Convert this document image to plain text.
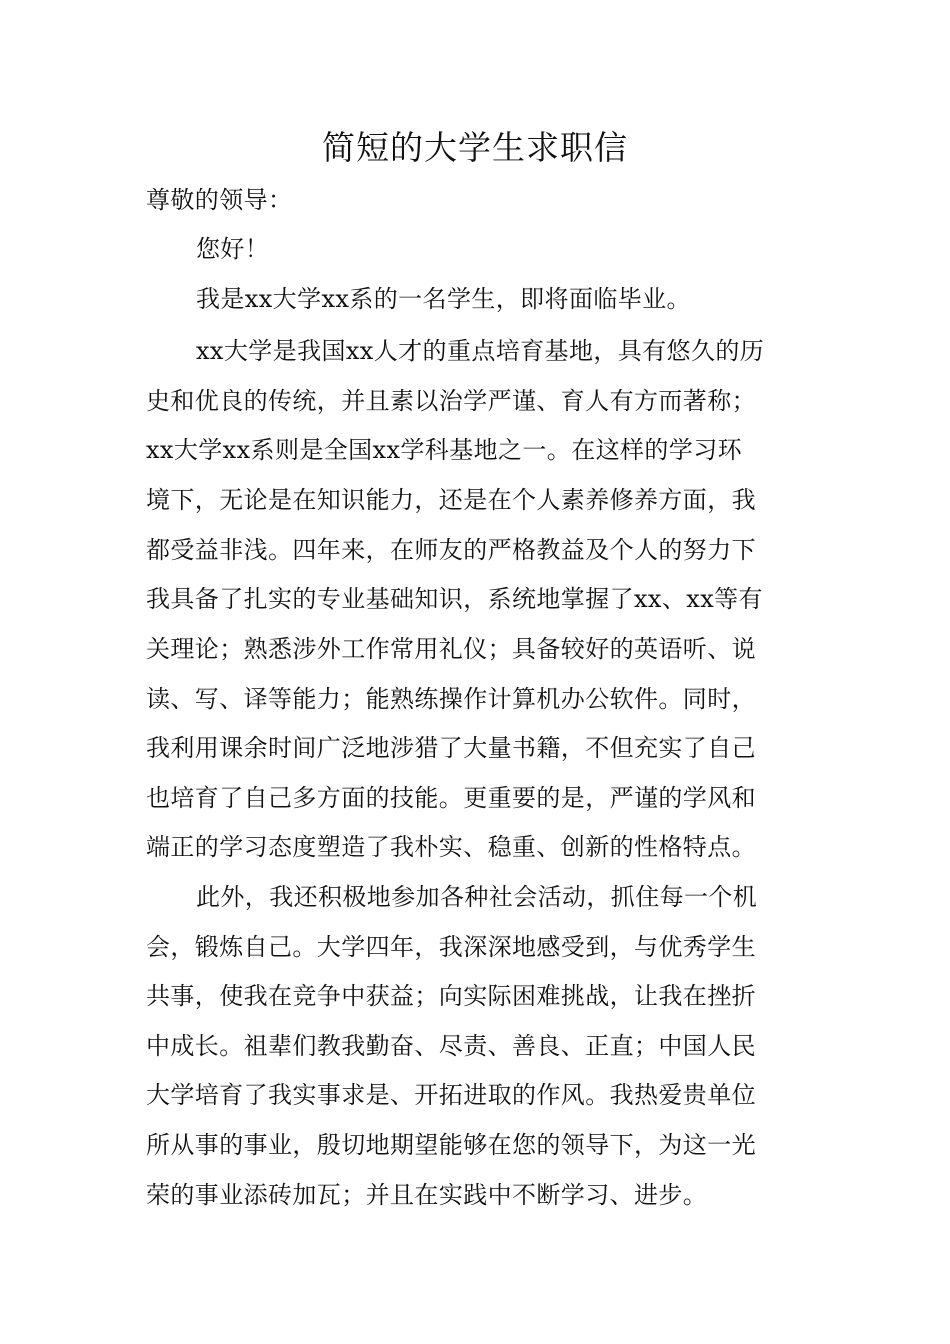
简短的大学生求职信

尊敬的领导：

您好！

我是xx大学xx系的一名学生，即将面临毕业。

xx大学是我国xx人才的重点培育基地，具有悠久的历

史和优良的传统，并且素以治学严谨、育人有方而著称；

xx大学xx系则是全国xx学科基地之一。在这样的学习环

境下，无论是在知识能力，还是在个人素养修养方面，我

都受益非浅。四年来，在师友的严格教益及个人的努力下

我具备了扎实的专业基础知识，系统地掌握了xx、xx等有

关理论；熟悉涉外工作常用礼仪；具备较好的英语听、说

读、写、译等能力；能熟练操作计算机办公软件。同时，

我利用课余时间广泛地涉猎了大量书籍，不但充实了自己

也培育了自己多方面的技能。更重要的是，严谨的学风和

端正的学习态度塑造了我朴实、稳重、创新的性格特点。

此外，我还积极地参加各种社会活动，抓住每一个机

会，锻炼自己。大学四年，我深深地感受到，与优秀学生

共事，使我在竞争中获益；向实际困难挑战，让我在挫折

中成长。祖辈们教我勤奋、尽责、善良、正直；中国人民

大学培育了我实事求是、开拓进取的作风。我热爱贵单位

所从事的事业，殷切地期望能够在您的领导下，为这一光

荣的事业添砖加瓦；并且在实践中不断学习、进步。
